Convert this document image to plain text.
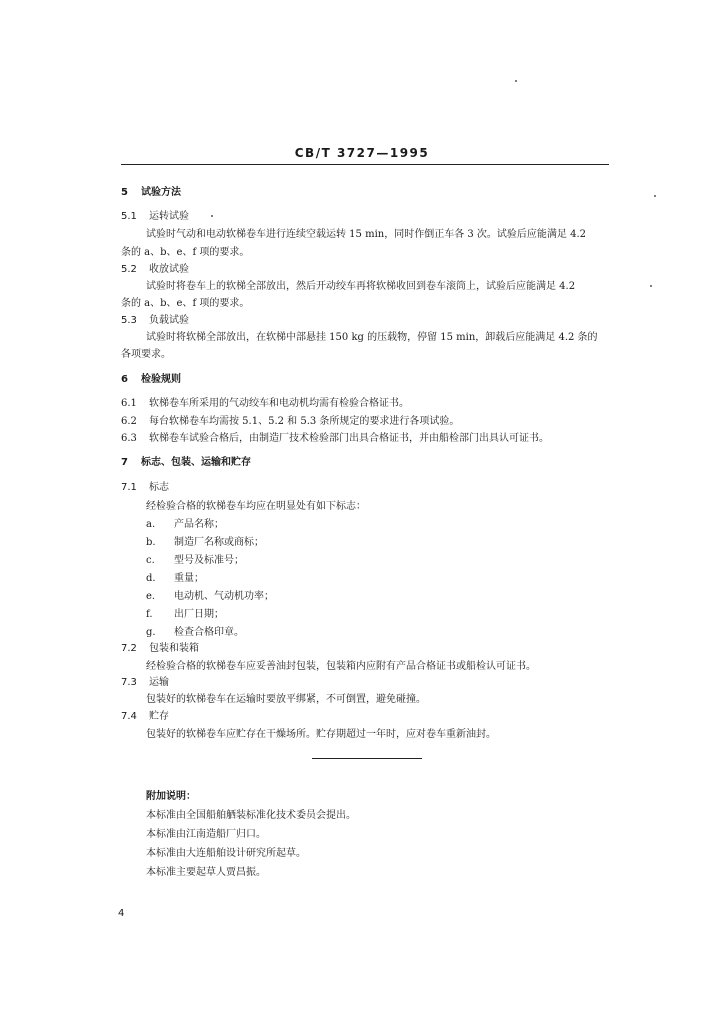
CB/T 3727—1995
5 试验方法
5.1 运转试验
试验时气动和电动软梯卷车进行连续空载运转 15 min，同时作倒正车各 3 次。试验后应能满足 4.2
条的 a、b、e、f 项的要求。
5.2 收放试验
试验时将卷车上的软梯全部放出，然后开动绞车再将软梯收回到卷车滚筒上，试验后应能满足 4.2
条的 a、b、e、f 项的要求。
5.3 负载试验
试验时将软梯全部放出，在软梯中部悬挂 150 kg 的压载物，停留 15 min，卸载后应能满足 4.2 条的
各项要求。
6 检验规则
6.1 软梯卷车所采用的气动绞车和电动机均需有检验合格证书。
6.2 每台软梯卷车均需按 5.1、5.2 和 5.3 条所规定的要求进行各项试验。
6.3 软梯卷车试验合格后，由制造厂技术检验部门出具合格证书，并由船检部门出具认可证书。
7 标志、包装、运输和贮存
7.1 标志
经检验合格的软梯卷车均应在明显处有如下标志：
a. 产品名称；
b. 制造厂名称或商标；
c. 型号及标准号；
d. 重量；
e. 电动机、气动机功率；
f. 出厂日期；
g. 检查合格印章。
7.2 包装和装箱
经检验合格的软梯卷车应妥善油封包装，包装箱内应附有产品合格证书或船检认可证书。
7.3 运输
包装好的软梯卷车在运输时要放平绑紧，不可倒置，避免碰撞。
7.4 贮存
包装好的软梯卷车应贮存在干燥场所。贮存期超过一年时，应对卷车重新油封。
附加说明：
本标准由全国船舶舾装标准化技术委员会提出。
本标准由江南造船厂归口。
本标准由大连船舶设计研究所起草。
本标准主要起草人贾昌振。
4
